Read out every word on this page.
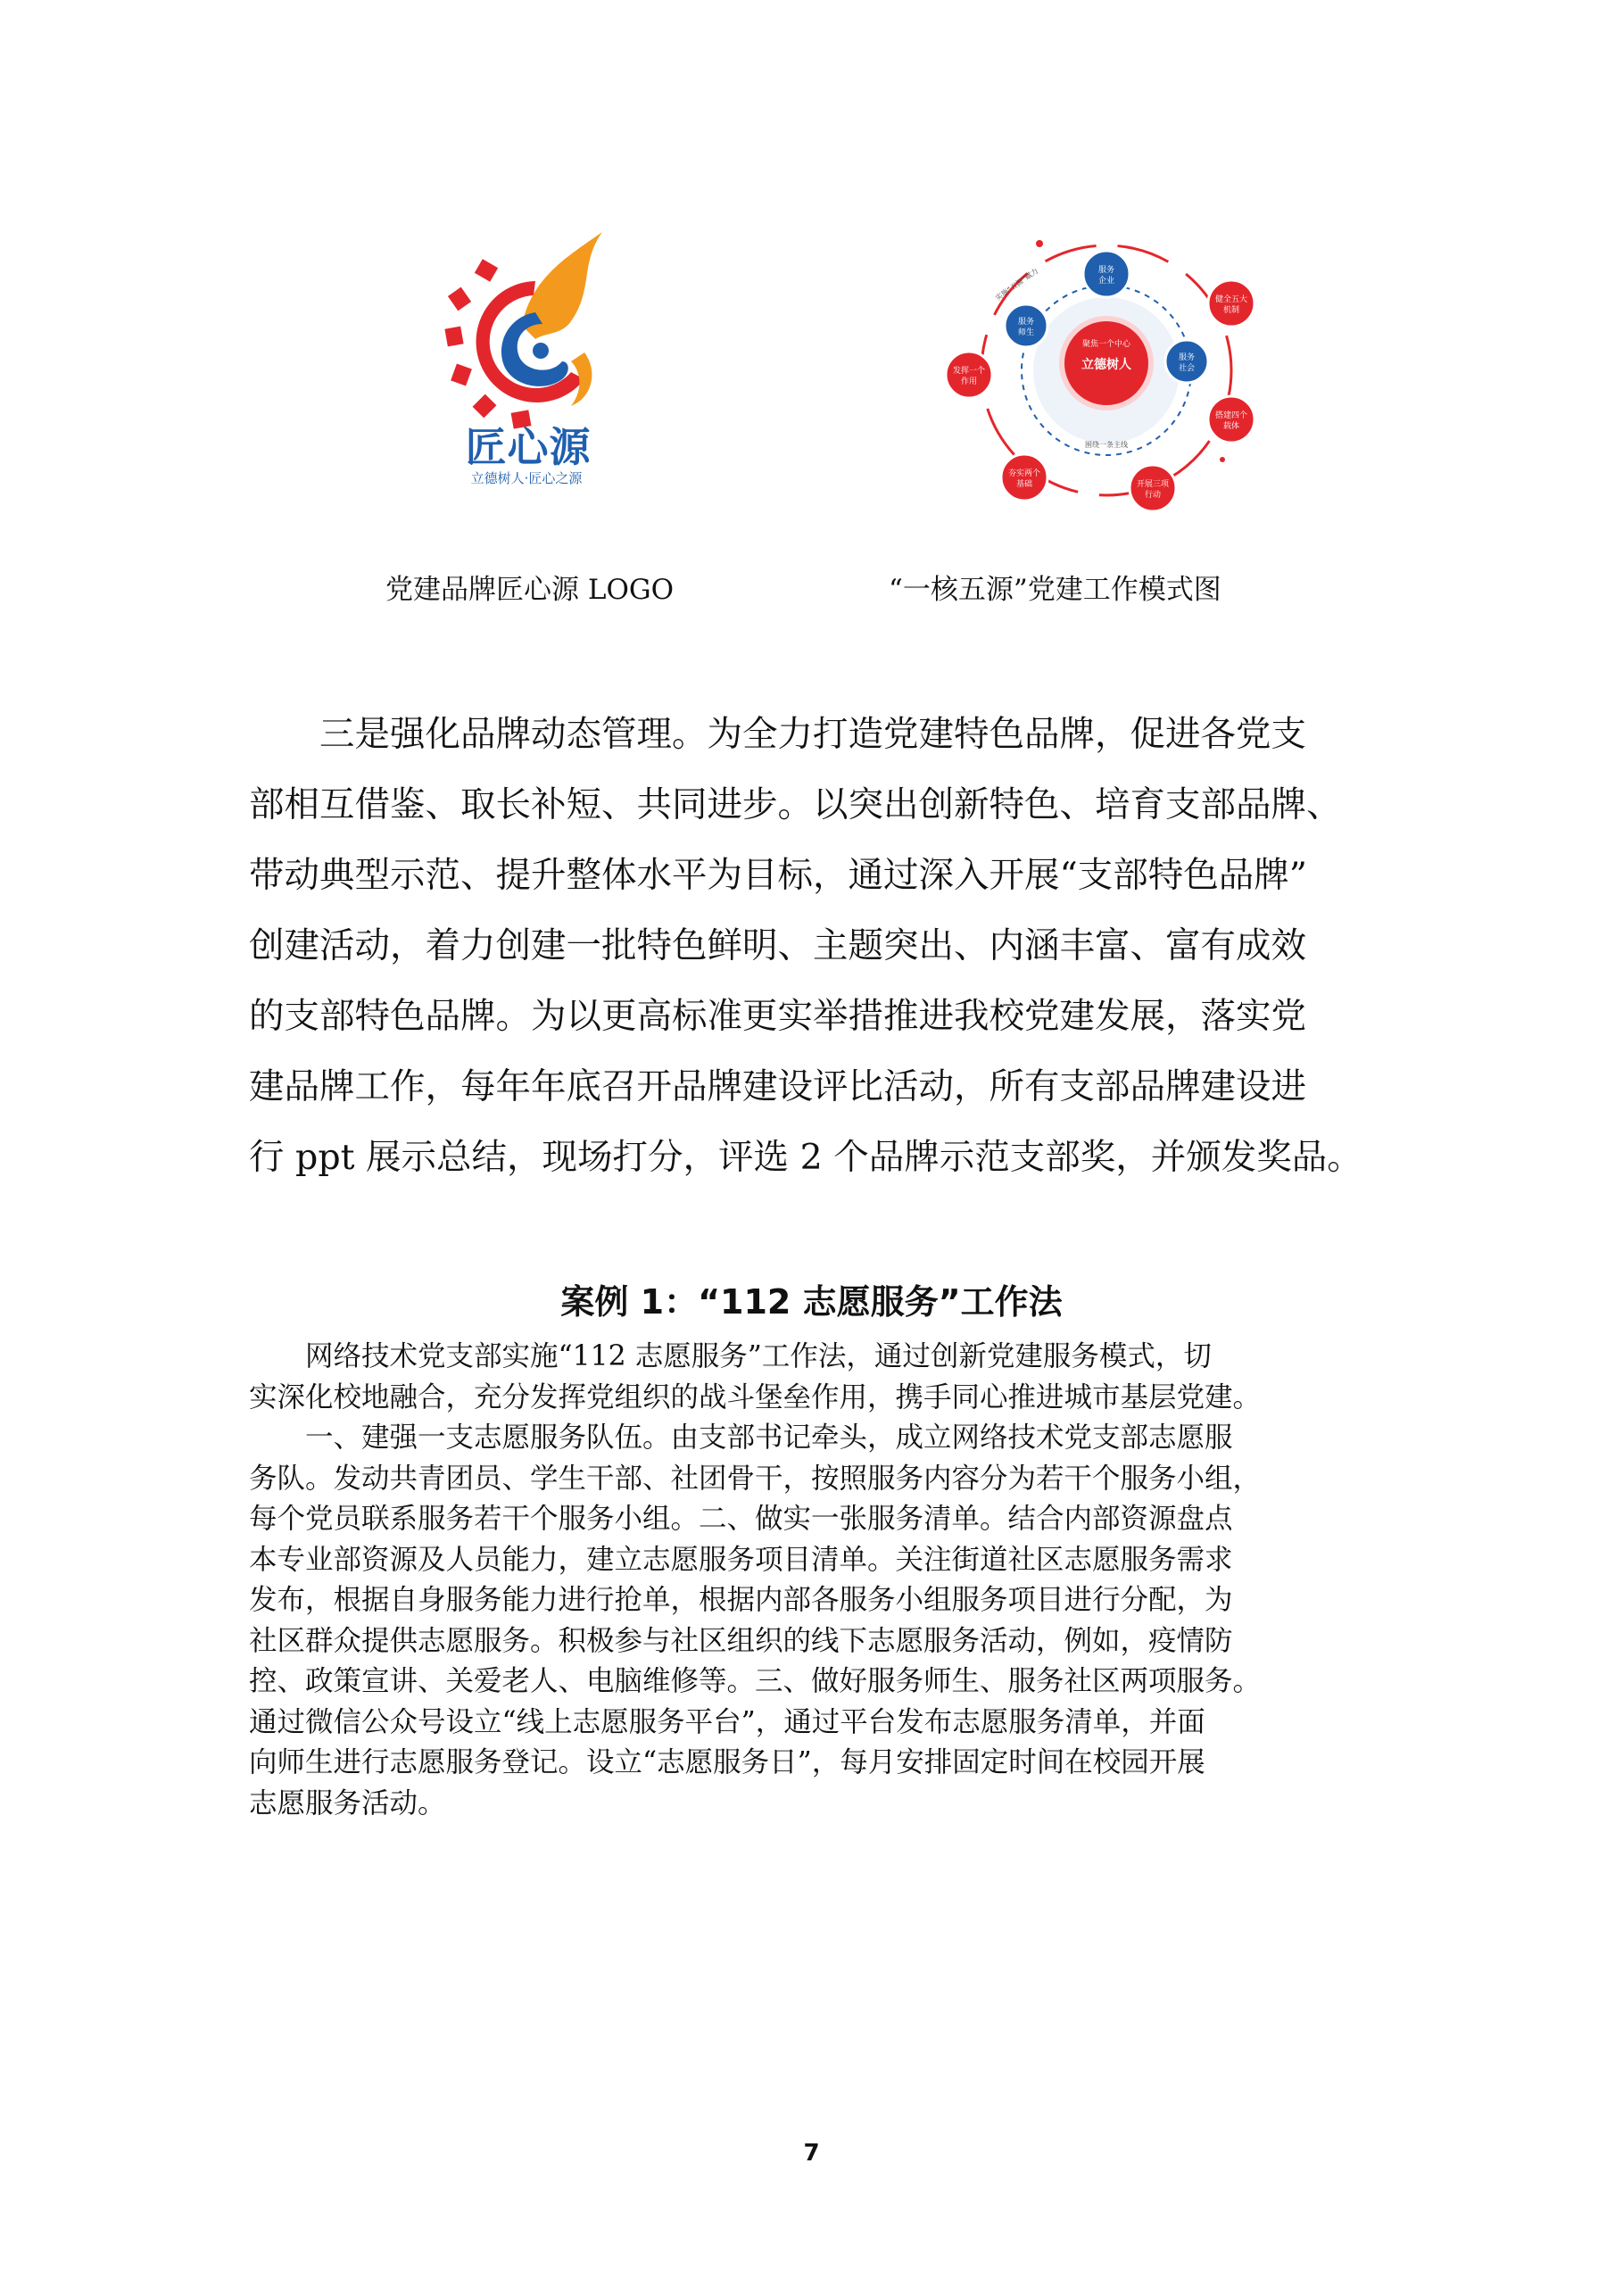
匠心源
立德树人·匠心之源
党建品牌匠心源 LOGO
聚焦一个中心
立德树人
实施“五源”赋力
围绕一条主线
服务
企业
服务
师生
服务
社会
健全五大
机制
搭建四个
载体
开展三项
行动
夯实两个
基础
发挥一个
作用
“一核五源”党建工作模式图
三是强化品牌动态管理。为全力打造党建特色品牌，促进各党支
部相互借鉴、取长补短、共同进步。以突出创新特色、培育支部品牌、
带动典型示范、提升整体水平为目标，通过深入开展“支部特色品牌”
创建活动，着力创建一批特色鲜明、主题突出、内涵丰富、富有成效
的支部特色品牌。为以更高标准更实举措推进我校党建发展，落实党
建品牌工作，每年年底召开品牌建设评比活动，所有支部品牌建设进
行 ppt 展示总结，现场打分，评选 2 个品牌示范支部奖，并颁发奖品。
案例 1：“112 志愿服务”工作法
网络技术党支部实施“112 志愿服务”工作法，通过创新党建服务模式，切
实深化校地融合，充分发挥党组织的战斗堡垒作用，携手同心推进城市基层党建。
一、建强一支志愿服务队伍。由支部书记牵头，成立网络技术党支部志愿服
务队。发动共青团员、学生干部、社团骨干，按照服务内容分为若干个服务小组，
每个党员联系服务若干个服务小组。二、做实一张服务清单。结合内部资源盘点
本专业部资源及人员能力，建立志愿服务项目清单。关注街道社区志愿服务需求
发布，根据自身服务能力进行抢单，根据内部各服务小组服务项目进行分配，为
社区群众提供志愿服务。积极参与社区组织的线下志愿服务活动，例如，疫情防
控、政策宣讲、关爱老人、电脑维修等。三、做好服务师生、服务社区两项服务。
通过微信公众号设立“线上志愿服务平台”，通过平台发布志愿服务清单，并面
向师生进行志愿服务登记。设立“志愿服务日”，每月安排固定时间在校园开展
志愿服务活动。
7
